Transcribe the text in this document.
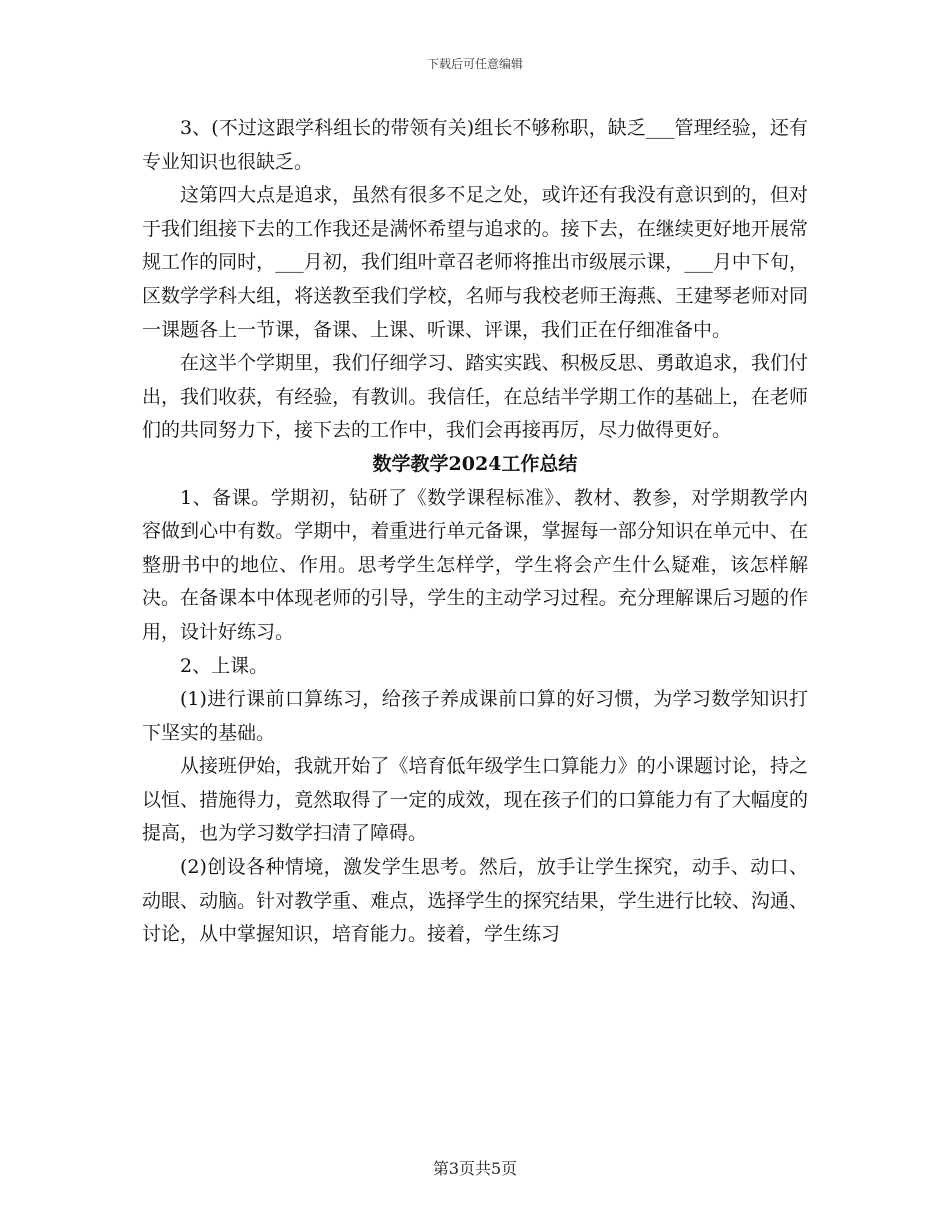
下载后可任意编辑

3、(不过这跟学科组长的带领有关)组长不够称职，缺乏___管理经验，还有专业知识也很缺乏。

这第四大点是追求，虽然有很多不足之处，或许还有我没有意识到的，但对于我们组接下去的工作我还是满怀希望与追求的。接下去，在继续更好地开展常规工作的同时，___月初，我们组叶章召老师将推出市级展示课，___月中下旬，区数学学科大组，将送教至我们学校，名师与我校老师王海燕、王建琴老师对同一课题各上一节课，备课、上课、听课、评课，我们正在仔细准备中。

在这半个学期里，我们仔细学习、踏实实践、积极反思、勇敢追求，我们付出，我们收获，有经验，有教训。我信任，在总结半学期工作的基础上，在老师们的共同努力下，接下去的工作中，我们会再接再厉，尽力做得更好。

数学教学2024工作总结

1、备课。学期初，钻研了《数学课程标准》、教材、教参，对学期教学内容做到心中有数。学期中，着重进行单元备课，掌握每一部分知识在单元中、在整册书中的地位、作用。思考学生怎样学，学生将会产生什么疑难，该怎样解决。在备课本中体现老师的引导，学生的主动学习过程。充分理解课后习题的作用，设计好练习。

2、上课。

(1)进行课前口算练习，给孩子养成课前口算的好习惯，为学习数学知识打下坚实的基础。

从接班伊始，我就开始了《培育低年级学生口算能力》的小课题讨论，持之以恒、措施得力，竟然取得了一定的成效，现在孩子们的口算能力有了大幅度的提高，也为学习数学扫清了障碍。

(2)创设各种情境，激发学生思考。然后，放手让学生探究，动手、动口、动眼、动脑。针对教学重、难点，选择学生的探究结果，学生进行比较、沟通、讨论，从中掌握知识，培育能力。接着，学生练习

第3页共5页
